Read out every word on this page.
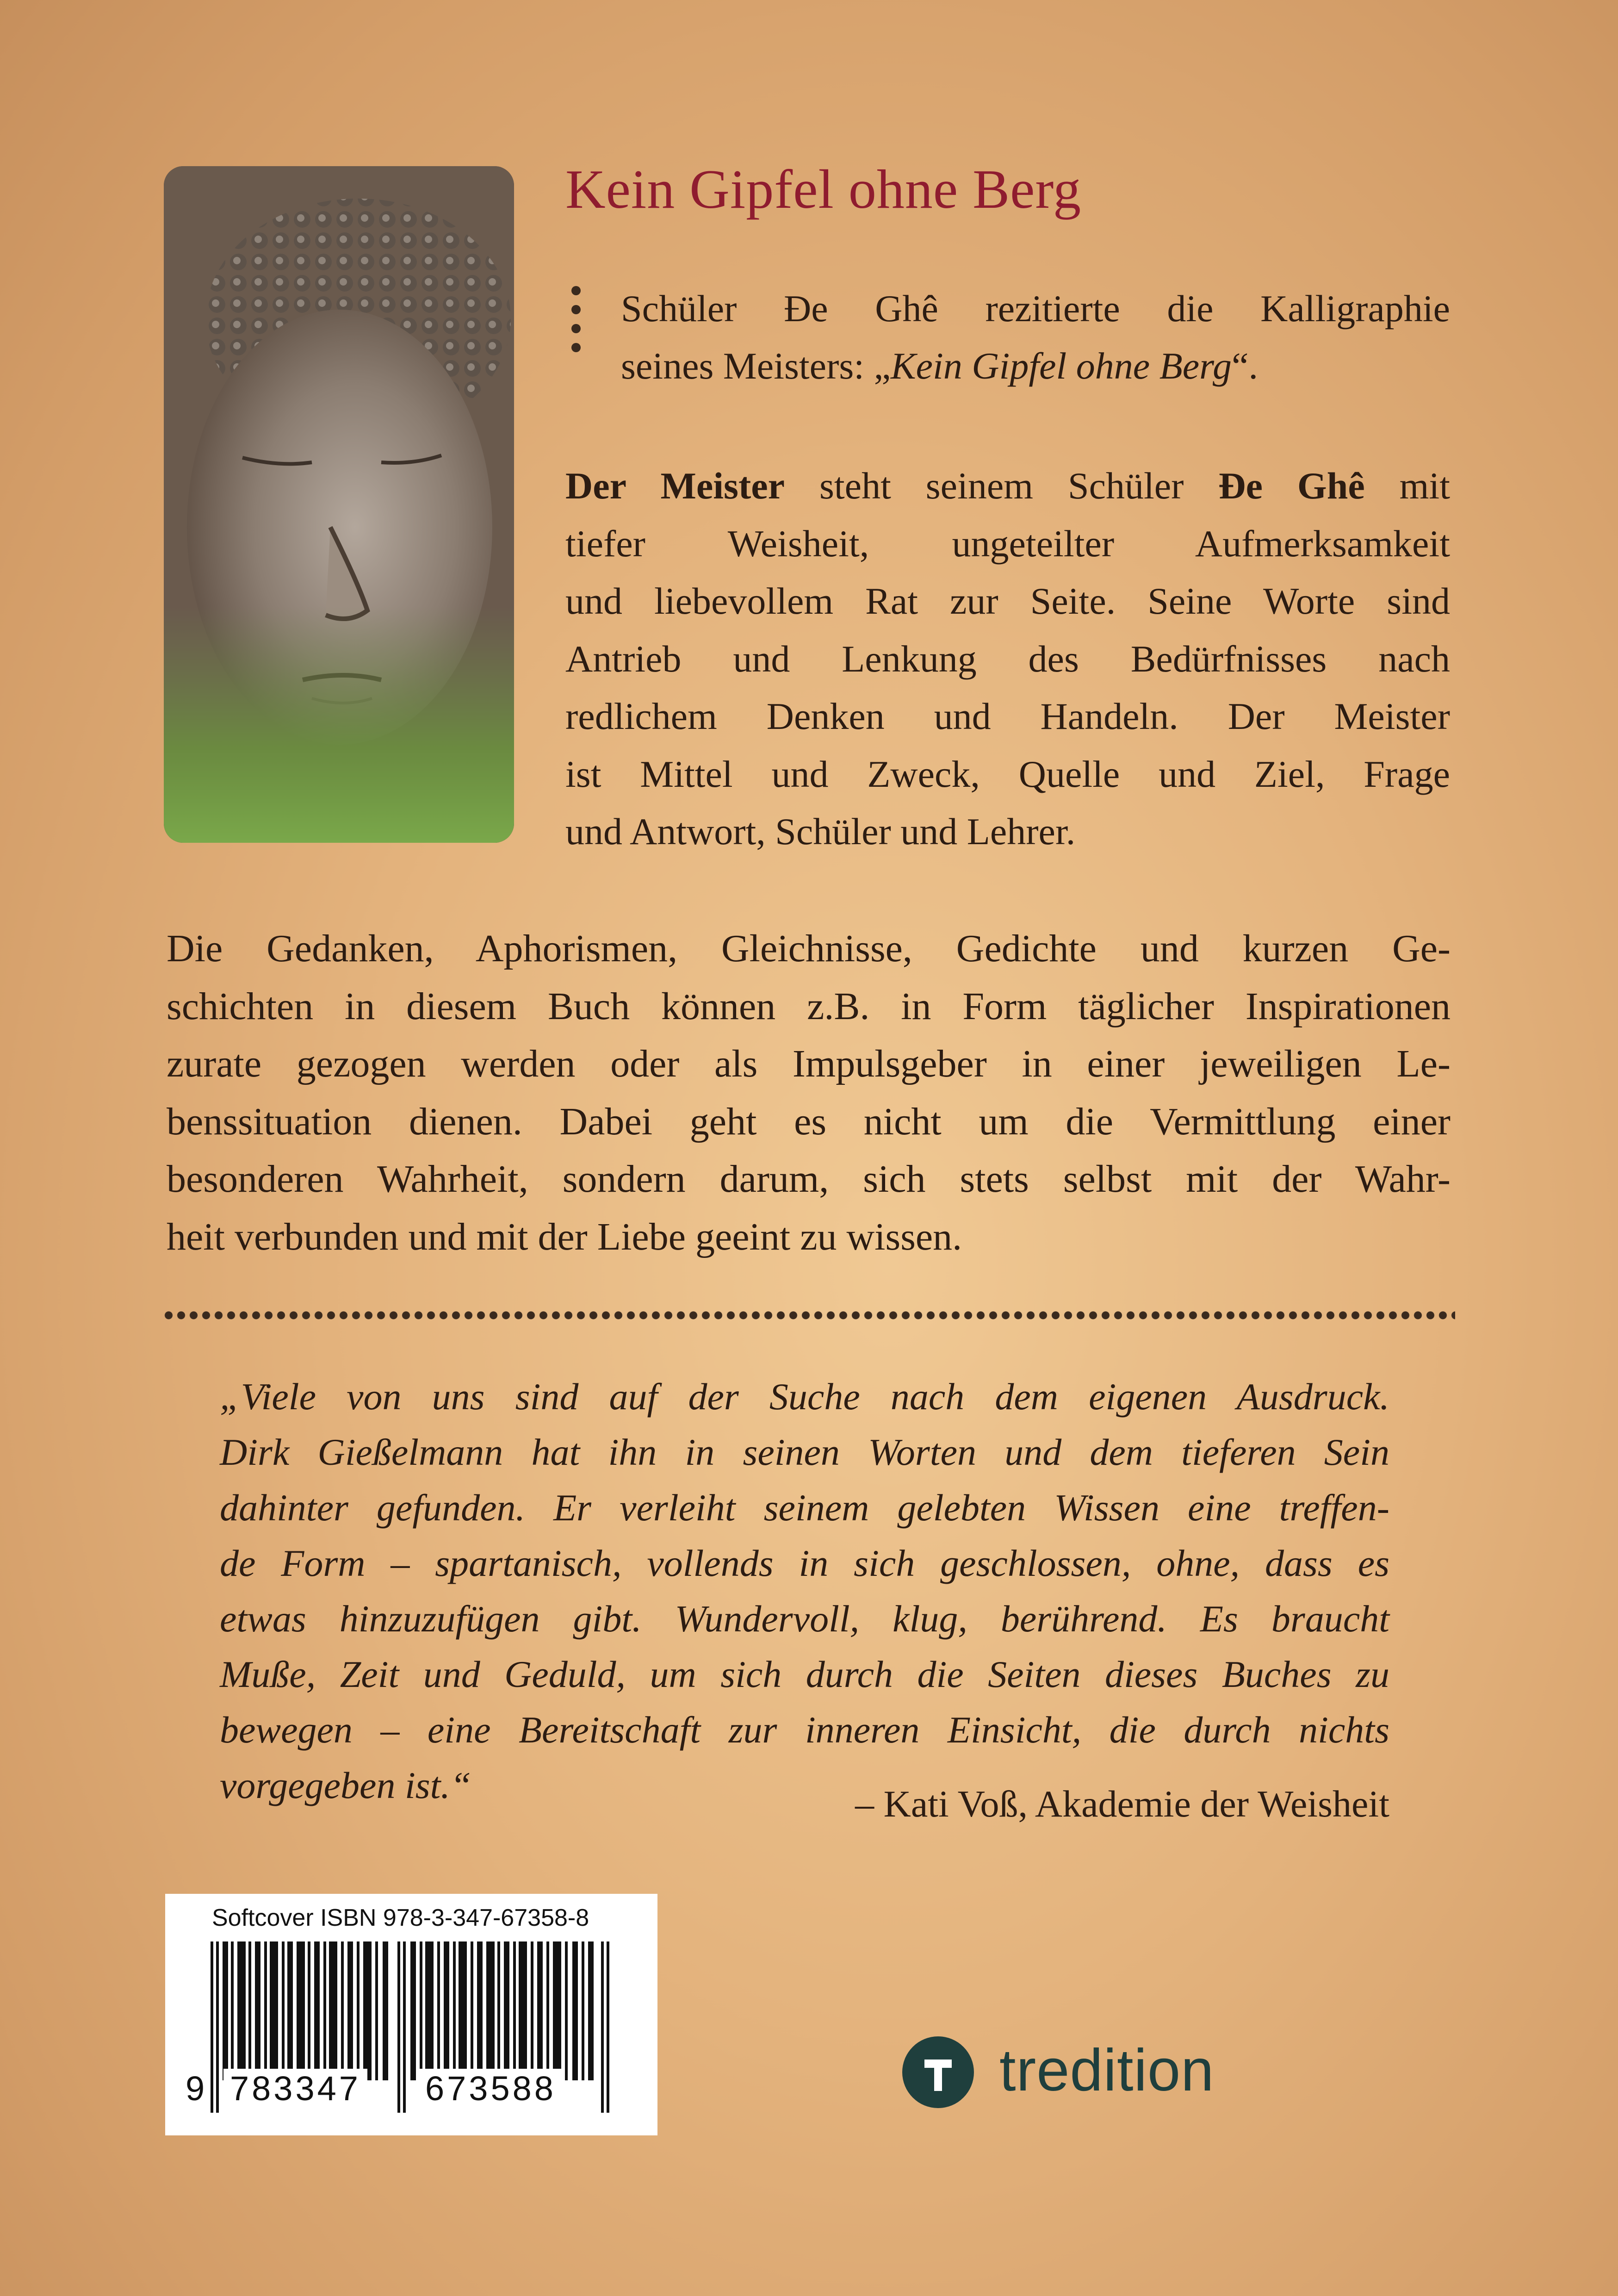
Kein Gipfel ohne Berg
Schüler Ðe Ghê rezitierte die Kalligraphie
seines Meisters: „Kein Gipfel ohne Berg“.
Der Meister steht seinem Schüler Ðe Ghê mit
tiefer Weisheit, ungeteilter Aufmerksamkeit
und liebevollem Rat zur Seite. Seine Worte sind
Antrieb und Lenkung des Bedürfnisses nach
redlichem Denken und Handeln. Der Meister
ist Mittel und Zweck, Quelle und Ziel, Frage
und Antwort, Schüler und Lehrer.
Die Gedanken, Aphorismen, Gleichnisse, Gedichte und kurzen Ge-
schichten in diesem Buch können z.B. in Form täglicher Inspirationen
zurate gezogen werden oder als Impulsgeber in einer jeweiligen Le-
benssituation dienen. Dabei geht es nicht um die Vermittlung einer
besonderen Wahrheit, sondern darum, sich stets selbst mit der Wahr-
heit verbunden und mit der Liebe geeint zu wissen.
„Viele von uns sind auf der Suche nach dem eigenen Ausdruck.
Dirk Gießelmann hat ihn in seinen Worten und dem tieferen Sein
dahinter gefunden. Er verleiht seinem gelebten Wissen eine treffen-
de Form – spartanisch, vollends in sich geschlossen, ohne, dass es
etwas hinzuzufügen gibt. Wundervoll, klug, berührend. Es braucht
Muße, Zeit und Geduld, um sich durch die Seiten dieses Buches zu
bewegen – eine Bereitschaft zur inneren Einsicht, die durch nichts
vorgegeben ist.“	– Kati Voß, Akademie der Weisheit
Softcover ISBN 978-3-347-67358-8
9 783347 673588	tredition
